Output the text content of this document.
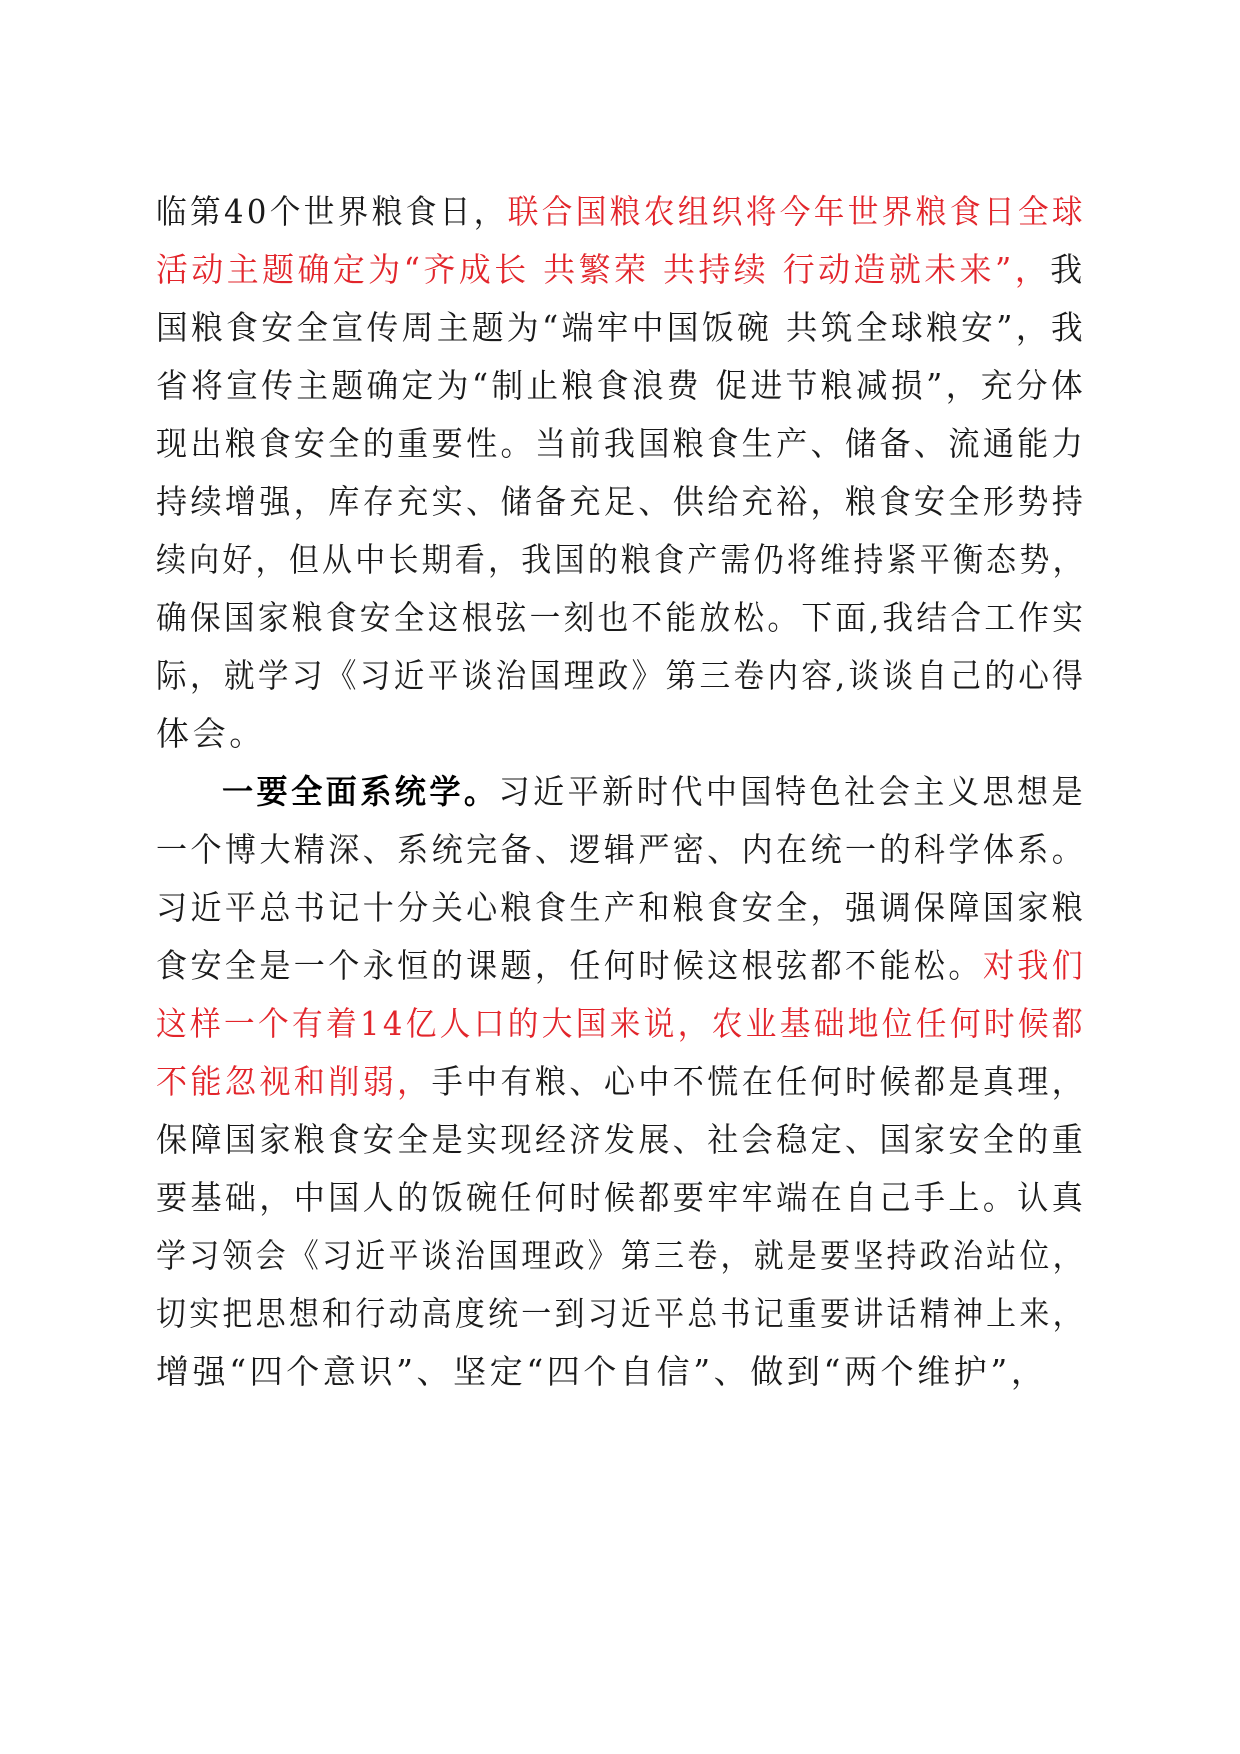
临第40个世界粮食日，联合国粮农组织将今年世界粮食日全球
活动主题确定为“齐成长 共繁荣 共持续 行动造就未来”，我
国粮食安全宣传周主题为“端牢中国饭碗 共筑全球粮安”，我
省将宣传主题确定为“制止粮食浪费 促进节粮减损”，充分体
现出粮食安全的重要性。当前我国粮食生产、储备、流通能力
持续增强，库存充实、储备充足、供给充裕，粮食安全形势持
续向好，但从中长期看，我国的粮食产需仍将维持紧平衡态势，
确保国家粮食安全这根弦一刻也不能放松。下面,我结合工作实
际，就学习《习近平谈治国理政》第三卷内容,谈谈自己的心得
体会。
一要全面系统学。习近平新时代中国特色社会主义思想是
一个博大精深、系统完备、逻辑严密、内在统一的科学体系。
习近平总书记十分关心粮食生产和粮食安全，强调保障国家粮
食安全是一个永恒的课题，任何时候这根弦都不能松。对我们
这样一个有着14亿人口的大国来说，农业基础地位任何时候都
不能忽视和削弱，手中有粮、心中不慌在任何时候都是真理，
保障国家粮食安全是实现经济发展、社会稳定、国家安全的重
要基础，中国人的饭碗任何时候都要牢牢端在自己手上。认真
学习领会《习近平谈治国理政》第三卷，就是要坚持政治站位，
切实把思想和行动高度统一到习近平总书记重要讲话精神上来，
增强“四个意识”、坚定“四个自信”、做到“两个维护”，
